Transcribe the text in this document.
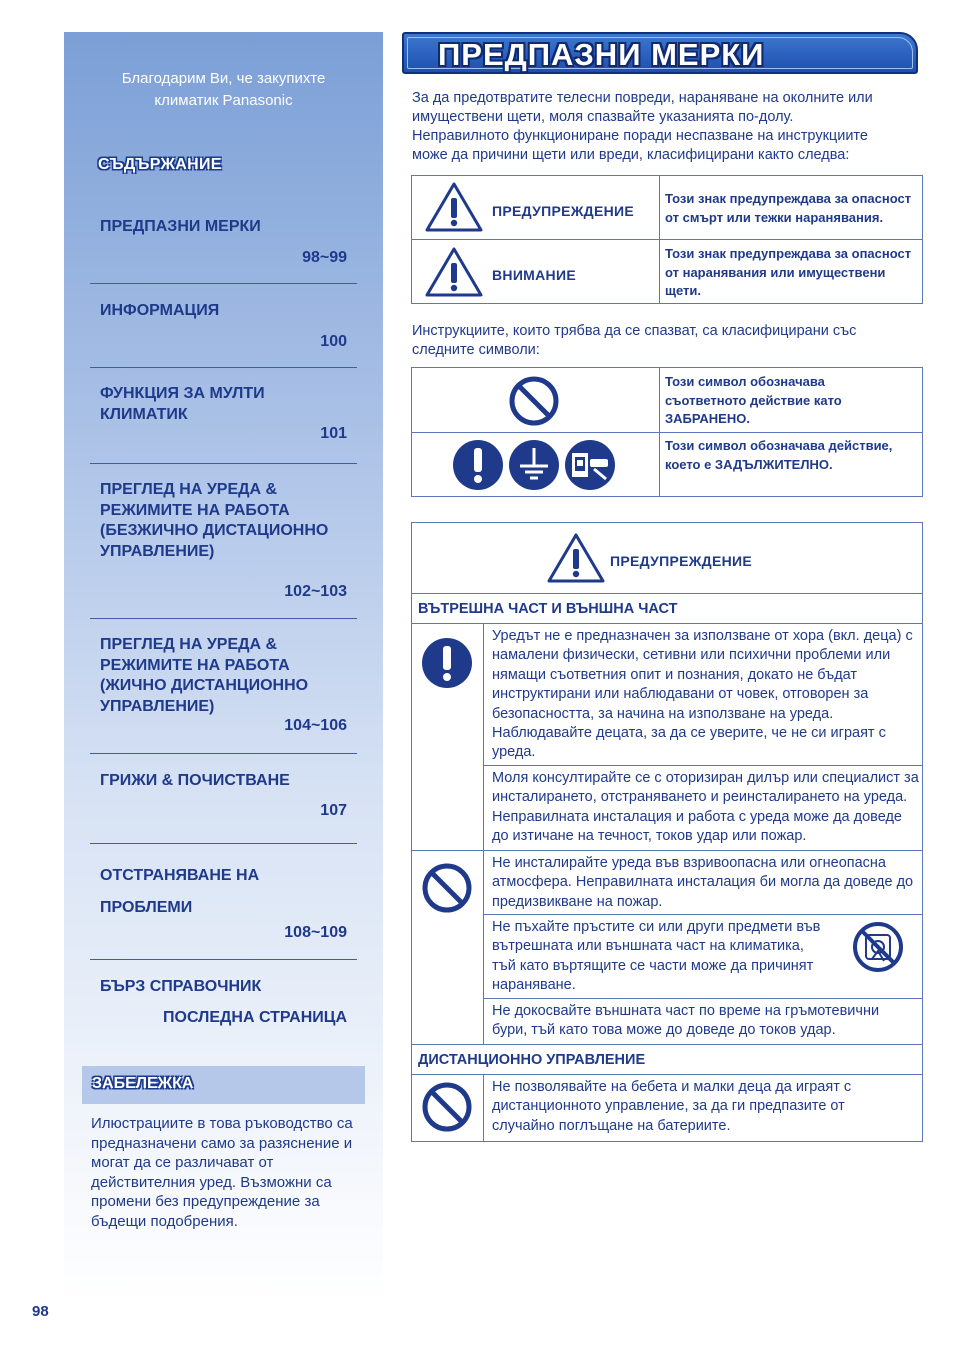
Благодарим Ви, че закупихте климатик Panasonic
СЪДЪРЖАНИЕ
ПРЕДПАЗНИ МЕРКИ
98~99
ИНФОРМАЦИЯ
100
ФУНКЦИЯ ЗА МУЛТИ КЛИМАТИК
101
ПРЕГЛЕД НА УРЕДА & РЕЖИМИТЕ НА РАБОТА (БЕЗЖИЧНО ДИСТАЦИОННО УПРАВЛЕНИЕ)
102~103
ПРЕГЛЕД НА УРЕДА & РЕЖИМИТЕ НА РАБОТА (ЖИЧНО ДИСТАНЦИОННО УПРАВЛЕНИЕ)
104~106
ГРИЖИ & ПОЧИСТВАНЕ
107
ОТСТРАНЯВАНЕ НА ПРОБЛЕМИ
108~109
БЪРЗ СПРАВОЧНИК
ПОСЛЕДНА СТРАНИЦА
ЗАБЕЛЕЖКА
Илюстрациите в това ръководство са предназначени само за разяснение и могат да се различават от действителния уред. Възможни са промени без предупреждение за бъдещи подобрения.
98
ПРЕДПАЗНИ МЕРКИ
За да предотвратите телесни повреди, нараняване на околните или имуществени щети, моля спазвайте указанията по-долу. Неправилното функциониране поради неспазване на инструкциите може да причини щети или вреди, класифицирани както следва:
ПРЕДУПРЕЖДЕНИЕ
Този знак предупреждава за опасност от смърт или тежки наранявания.
ВНИМАНИЕ
Този знак предупреждава за опасност от наранявания или имуществени щети.
Инструкциите, които трябва да се спазват, са класифицирани със следните символи:
Този символ обозначава съответното действие като ЗАБРАНЕНО.
Този символ обозначава действие, което е ЗАДЪЛЖИТЕЛНО.
ПРЕДУПРЕЖДЕНИЕ
ВЪТРЕШНА ЧАСТ И ВЪНШНА ЧАСТ
Уредът не е предназначен за използване от хора (вкл. деца) с намалени физически, сетивни или психични проблеми или нямащи съответния опит и познания, докато не бъдат инструктирани или наблюдавани от човек, отговорен за безопасността, за начина на използване на уреда. Наблюдавайте децата, за да се уверите, че не си играят с уреда.
Моля консултирайте се с оторизиран дилър или специалист за инсталирането, отстраняването и реинсталирането на уреда. Неправилната инсталация и работа с уреда може да доведе до изтичане на течност, токов удар или пожар.
Не инсталирайте уреда във взривоопасна или огнеопасна атмосфера. Неправилната инсталация би могла да доведе до предизвикване на пожар.
Не пъхайте пръстите си или други предмети във вътрешната или външната част на климатика, тъй като въртящите се части може да причинят нараняване.
Не докосвайте външната част по време на гръмотевични бури, тъй като това може до доведе до токов удар.
ДИСТАНЦИОННО УПРАВЛЕНИЕ
Не позволявайте на бебета и малки деца да играят с дистанционното управление, за да ги предпазите от случайно поглъщане на батериите.
